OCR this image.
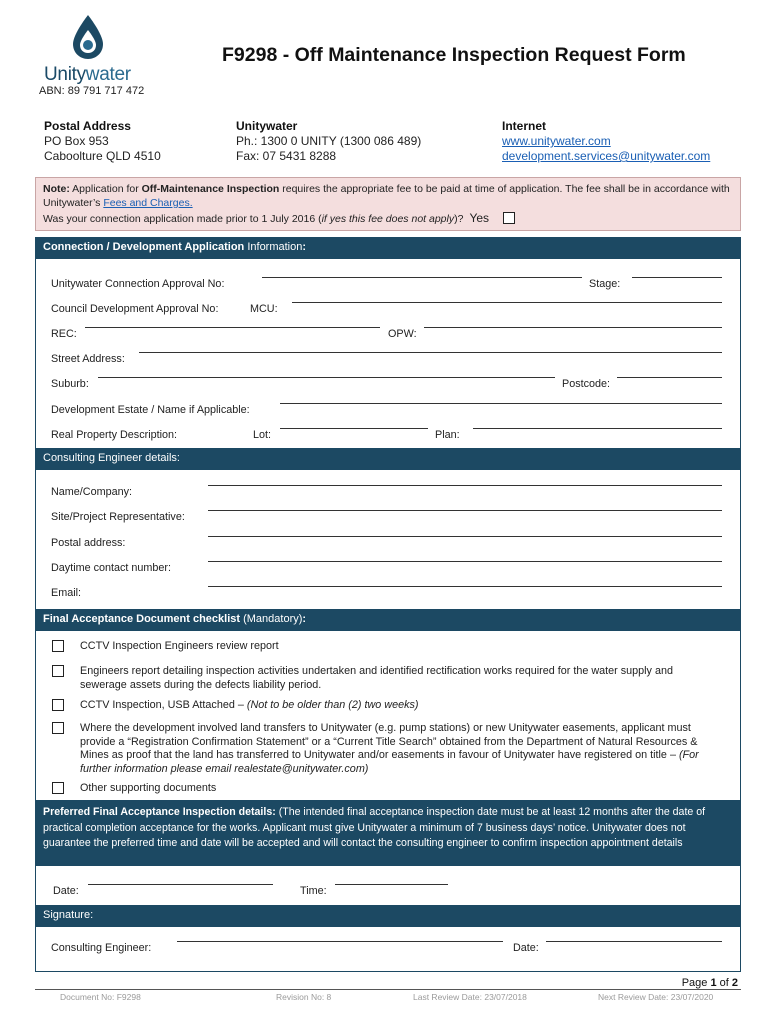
Unitywater
F9298 - Off Maintenance Inspection Request Form
ABN: 89 791 717 472
Postal Address
PO Box 953
Caboolture QLD 4510
Unitywater
Ph.: 1300 0 UNITY (1300 086 489)
Fax: 07 5431 8288
Internet
www.unitywater.com
development.services@unitywater.com
Note: Application for Off-Maintenance Inspection requires the appropriate fee to be paid at time of application. The fee shall be in accordance with Unitywater’s Fees and Charges.
Was your connection application made prior to 1 July 2016 (if yes this fee does not apply)? Yes
Connection / Development Application Information:
Unitywater Connection Approval No:	Stage:
Council Development Approval No:	MCU:
REC:	OPW:
Street Address:
Suburb:	Postcode:
Development Estate / Name if Applicable:
Real Property Description:	Lot:	Plan:
Consulting Engineer details:
Name/Company:
Site/Project Representative:
Postal address:
Daytime contact number:
Email:
Final Acceptance Document checklist (Mandatory):
CCTV Inspection Engineers review report
Engineers report detailing inspection activities undertaken and identified rectification works required for the water supply and sewerage assets during the defects liability period.
CCTV Inspection, USB Attached – (Not to be older than (2) two weeks)
Where the development involved land transfers to Unitywater (e.g. pump stations) or new Unitywater easements, applicant must provide a “Registration Confirmation Statement” or a “Current Title Search” obtained from the Department of Natural Resources & Mines as proof that the land has transferred to Unitywater and/or easements in favour of Unitywater have registered on title – (For further information please email realestate@unitywater.com)
Other supporting documents
Preferred Final Acceptance Inspection details: (The intended final acceptance inspection date must be at least 12 months after the date of practical completion acceptance for the works. Applicant must give Unitywater a minimum of 7 business days’ notice. Unitywater does not guarantee the preferred time and date will be accepted and will contact the consulting engineer to confirm inspection appointment details
Date:	Time:
Signature:
Consulting Engineer:	Date:
Page 1 of 2
Document No: F9298	Revision No: 8	Last Review Date: 23/07/2018	Next Review Date: 23/07/2020
